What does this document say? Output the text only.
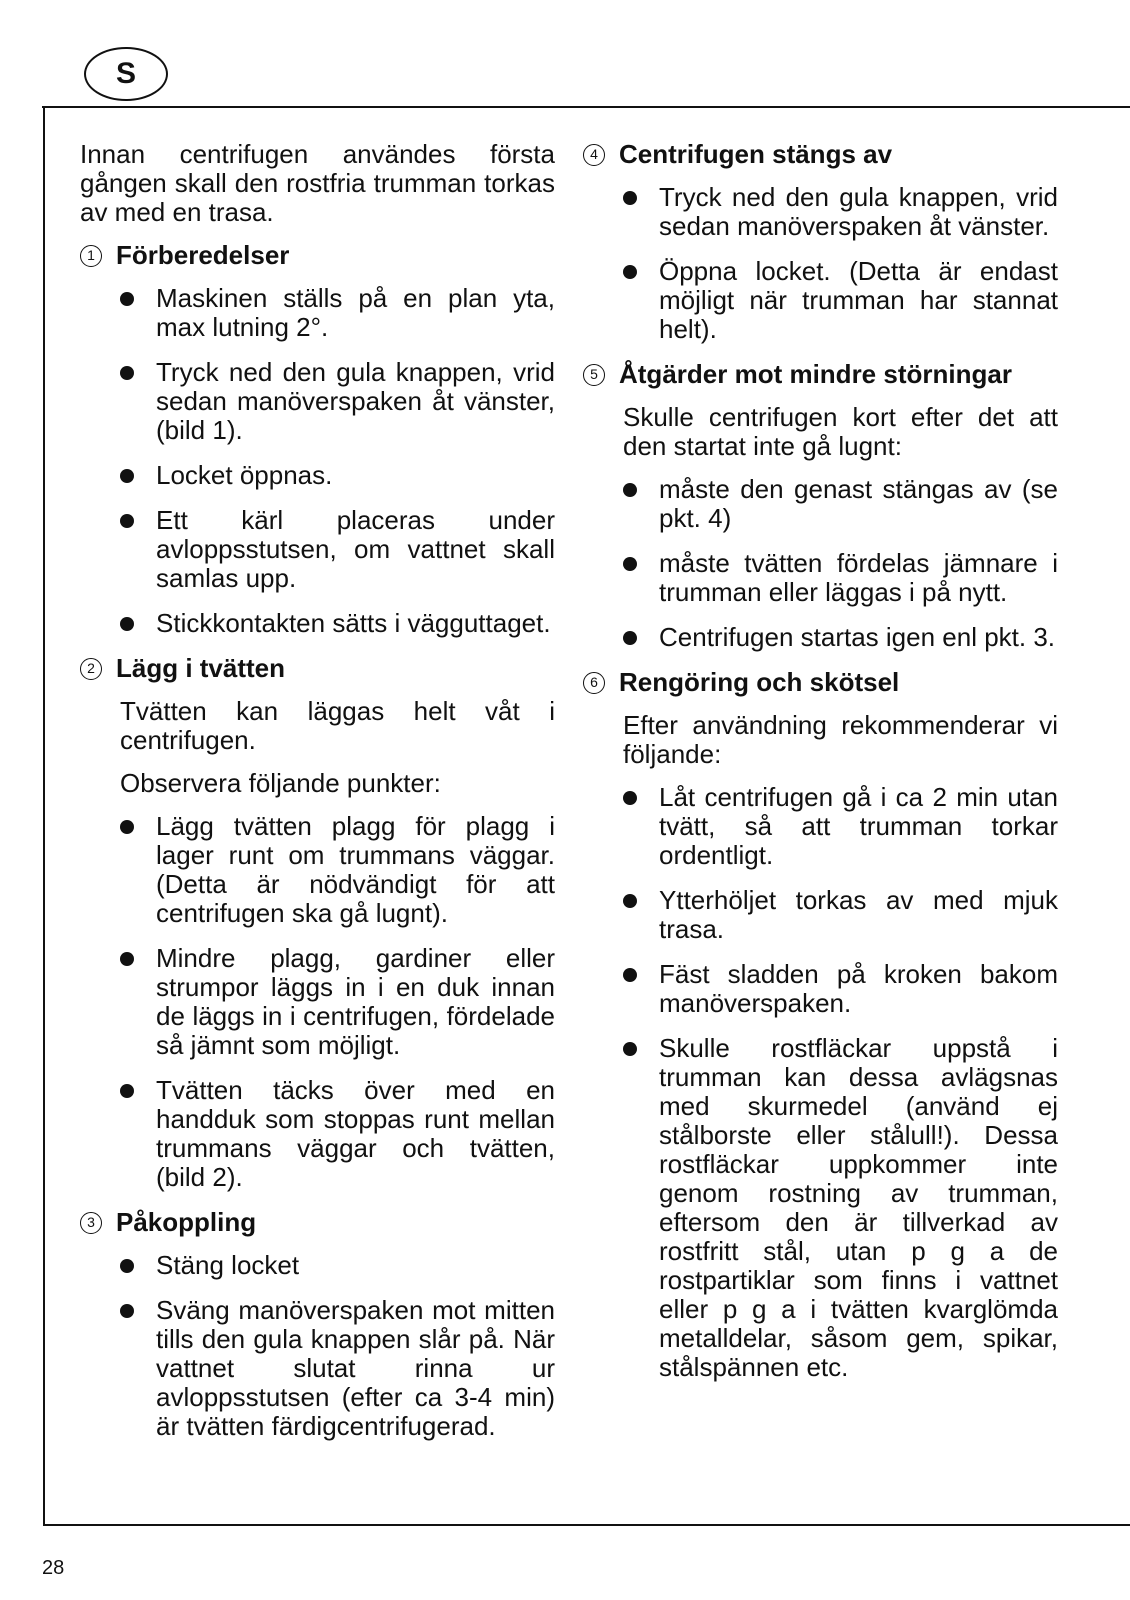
S
28

Innan centrifugen användes första gången skall den rostfria trumman torkas av med en trasa.

1 Förberedelser
Maskinen ställs på en plan yta, max lutning 2°.
Tryck ned den gula knappen, vrid sedan manöverspaken åt vänster, (bild 1).
Locket öppnas.
Ett kärl placeras under avloppsstutsen, om vattnet skall samlas upp.
Stickkontakten sätts i vägguttaget.
2 Lägg i tvätten

Tvätten kan läggas helt våt i centrifugen.

Observera följande punkter:

Lägg tvätten plagg för plagg i lager runt om trummans väggar. (Detta är nödvändigt för att centrifugen ska gå lugnt).
Mindre plagg, gardiner eller strumpor läggs in i en duk innan de läggs in i centrifugen, fördelade så jämnt som möjligt.
Tvätten täcks över med en handduk som stoppas runt mellan trummans väggar och tvätten, (bild 2).
3 Påkoppling
Stäng locket
Sväng manöverspaken mot mitten tills den gula knappen slår på. När vattnet slutat rinna ur avloppsstutsen (efter ca 3-4 min) är tvätten färdigcentrifugerad.
4 Centrifugen stängs av
Tryck ned den gula knappen, vrid sedan manöverspaken åt vänster.
Öppna locket. (Detta är endast möjligt när trumman har stannat helt).
5 Åtgärder mot mindre störningar

Skulle centrifugen kort efter det att den startat inte gå lugnt:

måste den genast stängas av (se pkt. 4)
måste tvätten fördelas jämnare i trumman eller läggas i på nytt.
Centrifugen startas igen enl pkt. 3.
6 Rengöring och skötsel

Efter användning rekommenderar vi följande:

Låt centrifugen gå i ca 2 min utan tvätt, så att trumman torkar ordentligt.
Ytterhöljet torkas av med mjuk trasa.
Fäst sladden på kroken bakom manöverspaken.
Skulle rostfläckar uppstå i trumman kan dessa avlägsnas med skurmedel (använd ej stålborste eller stålull!). Dessa rostfläckar uppkommer inte genom rostning av trumman, eftersom den är tillverkad av rostfritt stål, utan p g a de rostpartiklar som finns i vattnet eller p g a i tvätten kvarglömda metalldelar, såsom gem, spikar, stålspännen etc.
